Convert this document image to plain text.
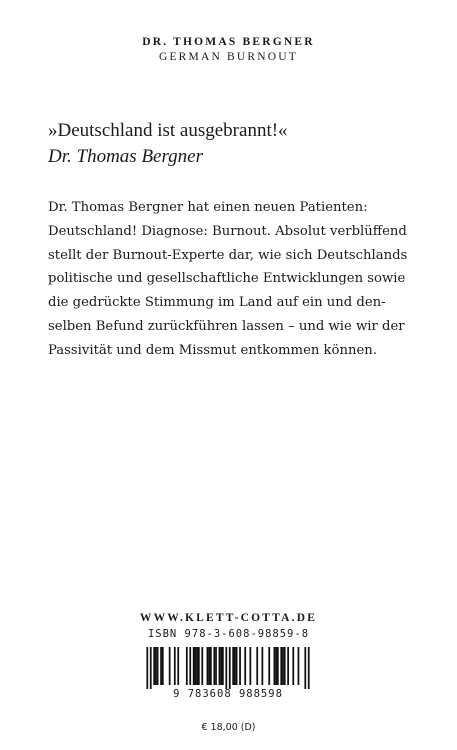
DR. THOMAS BERGNER
GERMAN BURNOUT
»Deutschland ist ausgebrannt!«
Dr. Thomas Bergner
Dr. Thomas Bergner hat einen neuen Patienten:
Deutschland! Diagnose: Burnout. Absolut verblüffend
stellt der Burnout-Experte dar, wie sich Deutschlands
politische und gesellschaftliche Entwicklungen sowie
die gedrückte Stimmung im Land auf ein und den-
selben Befund zurückführen lassen – und wie wir der
Passivität und dem Missmut entkommen können.
WWW.KLETT-COTTA.DE
ISBN 978-3-608-98859-8
9 783608 988598
€ 18,00 (D)
